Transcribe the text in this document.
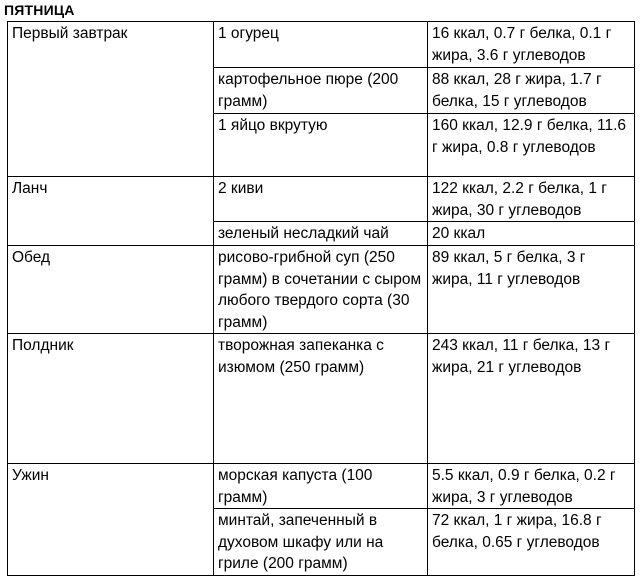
ПЯТНИЦА
Первый завтрак	1 огурец	16 ккал, 0.7 г белка, 0.1 г жира, 3.6 г углеводов
	картофельное пюре (200 грамм)	88 ккал, 28 г жира, 1.7 г белка, 15 г углеводов
	1 яйцо вкрутую	160 ккал, 12.9 г белка, 11.6 г жира, 0.8 г углеводов
Ланч	2 киви	122 ккал, 2.2 г белка, 1 г жира, 30 г углеводов
	зеленый несладкий чай	20 ккал
Обед	рисово-грибной суп (250 грамм) в сочетании с сыром любого твердого сорта (30 грамм)	89 ккал, 5 г белка, 3 г жира, 11 г углеводов
Полдник	творожная запеканка с изюмом (250 грамм)	243 ккал, 11 г белка, 13 г жира, 21 г углеводов
Ужин	морская капуста (100 грамм)	5.5 ккал, 0.9 г белка, 0.2 г жира, 3 г углеводов
	минтай, запеченный в духовом шкафу или на гриле (200 грамм)	72 ккал, 1 г жира, 16.8 г белка, 0.65 г углеводов
